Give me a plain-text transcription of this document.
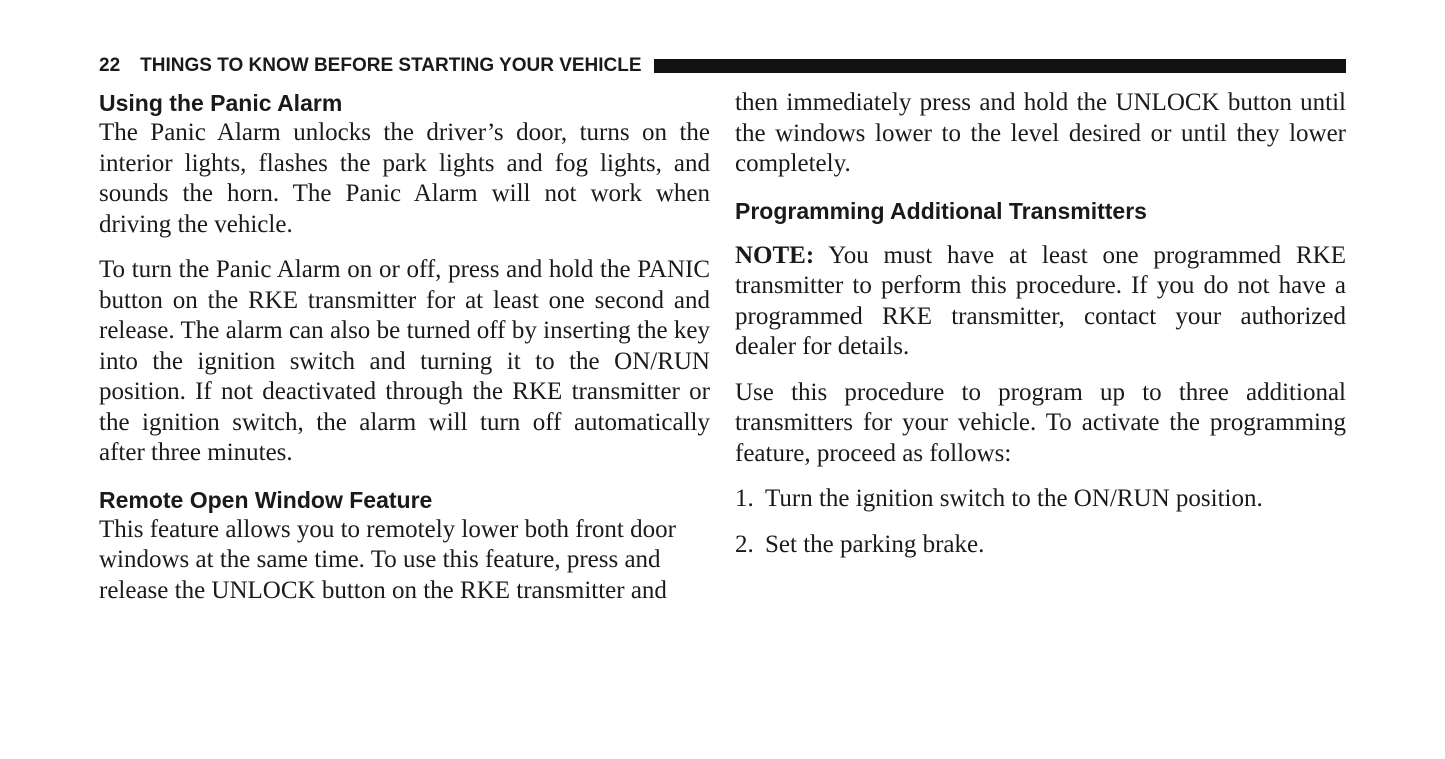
22 THINGS TO KNOW BEFORE STARTING YOUR VEHICLE
Using the Panic Alarm

The Panic Alarm unlocks the driver’s door, turns on the interior lights, flashes the park lights and fog lights, and sounds the horn. The Panic Alarm will not work when driving the vehicle.

To turn the Panic Alarm on or off, press and hold the PANIC button on the RKE transmitter for at least one second and release. The alarm can also be turned off by inserting the key into the ignition switch and turning it to the ON/RUN position. If not deactivated through the RKE transmitter or the ignition switch, the alarm will turn off automatically after three minutes.

Remote Open Window Feature

This feature allows you to remotely lower both front door windows at the same time. To use this feature, press and release the UNLOCK button on the RKE transmitter and

then immediately press and hold the UNLOCK button until the windows lower to the level desired or until they lower completely.

Programming Additional Transmitters

NOTE: You must have at least one programmed RKE transmitter to perform this procedure. If you do not have a programmed RKE transmitter, contact your authorized dealer for details.

Use this procedure to program up to three additional transmitters for your vehicle. To activate the programming feature, proceed as follows:

1. Turn the ignition switch to the ON/RUN position.
2. Set the parking brake.
